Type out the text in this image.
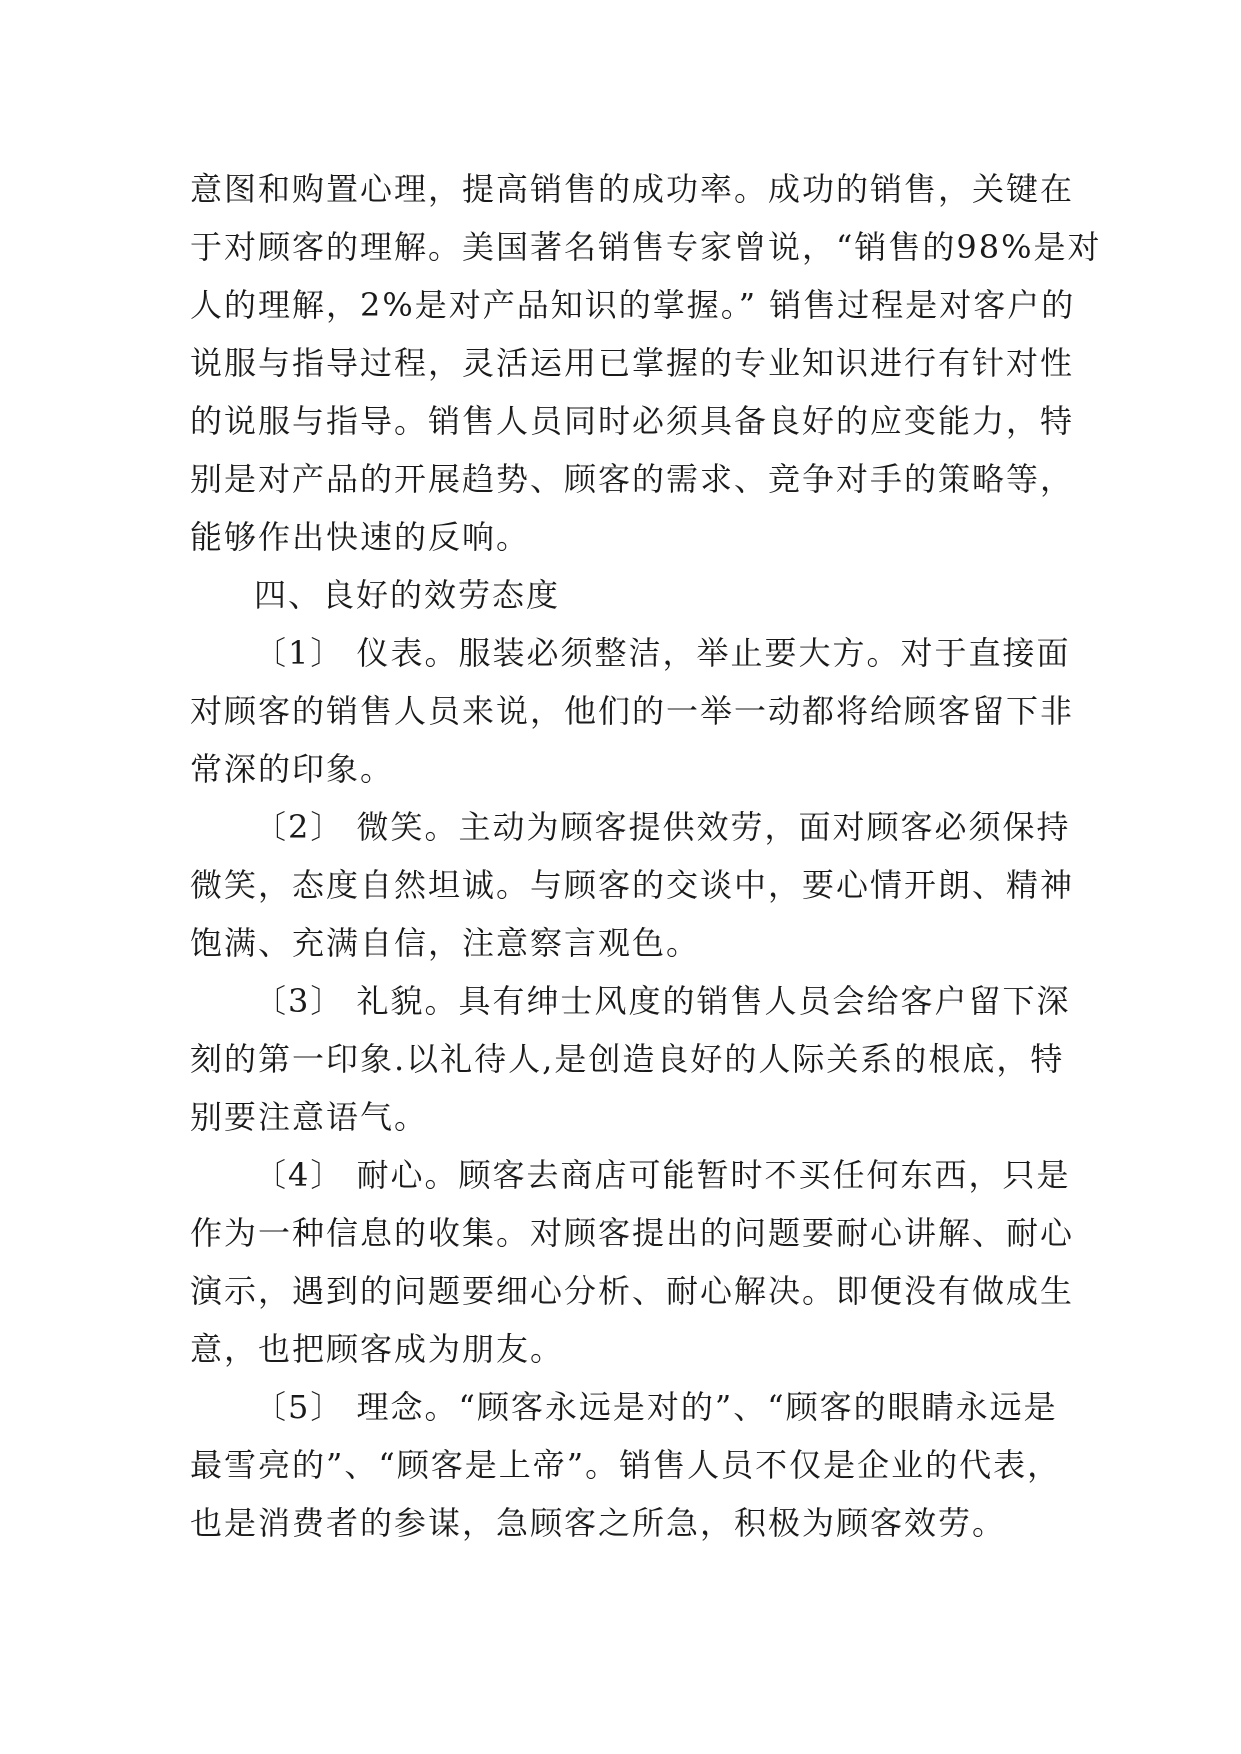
意图和购置心理，提高销售的成功率。成功的销售，关键在
于对顾客的理解。美国著名销售专家曾说，“销售的98%是对
人的理解，2%是对产品知识的掌握。” 销售过程是对客户的
说服与指导过程，灵活运用已掌握的专业知识进行有针对性
的说服与指导。销售人员同时必须具备良好的应变能力，特
别是对产品的开展趋势、顾客的需求、竞争对手的策略等，
能够作出快速的反响。
四、良好的效劳态度
〔1〕 仪表。服装必须整洁，举止要大方。对于直接面
对顾客的销售人员来说，他们的一举一动都将给顾客留下非
常深的印象。
〔2〕 微笑。主动为顾客提供效劳，面对顾客必须保持
微笑，态度自然坦诚。与顾客的交谈中，要心情开朗、精神
饱满、充满自信，注意察言观色。
〔3〕 礼貌。具有绅士风度的销售人员会给客户留下深
刻的第一印象.以礼待人,是创造良好的人际关系的根底，特
别要注意语气。
〔4〕 耐心。顾客去商店可能暂时不买任何东西，只是
作为一种信息的收集。对顾客提出的问题要耐心讲解、耐心
演示，遇到的问题要细心分析、耐心解决。即便没有做成生
意，也把顾客成为朋友。
〔5〕 理念。“顾客永远是对的”、“顾客的眼睛永远是
最雪亮的”、“顾客是上帝”。销售人员不仅是企业的代表，
也是消费者的参谋，急顾客之所急，积极为顾客效劳。
